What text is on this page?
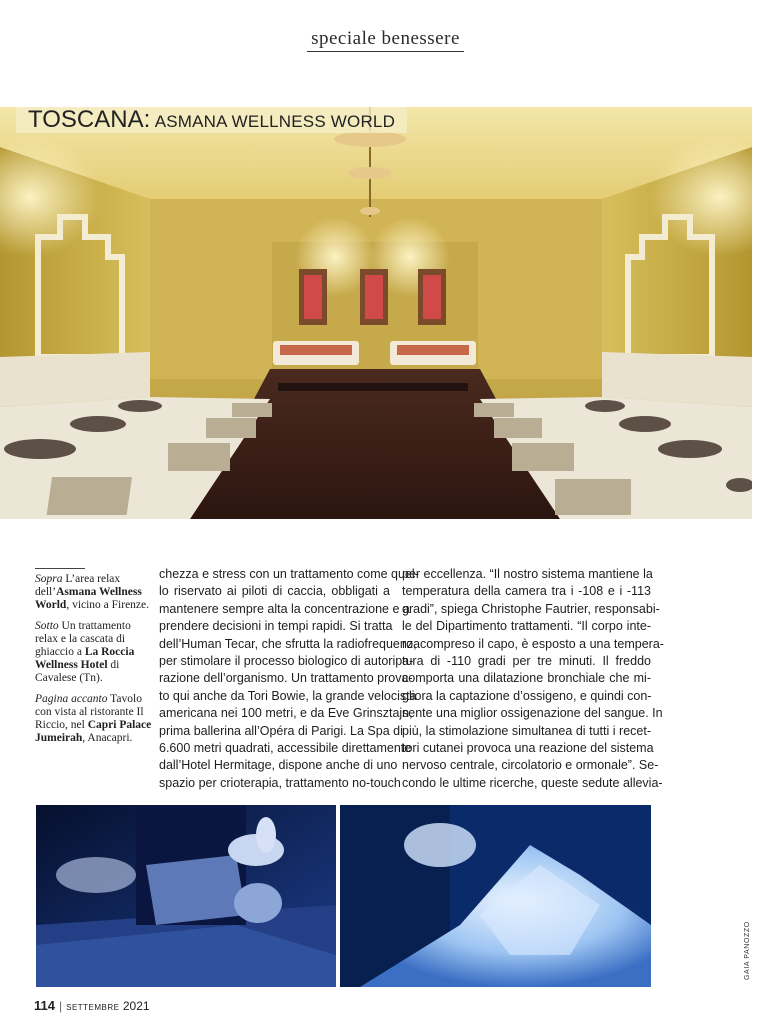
speciale benessere
TOSCANA: ASMANA WELLNESS WORLD

Sopra L’area relax dell’Asmana Wellness World, vicino a Firenze.

Sotto Un trattamento relax e la cascata di ghiaccio a La Roccia Wellness Hotel di Cavalese (Tn).

Pagina accanto Tavolo con vista al ristorante Il Riccio, nel Capri Palace Jumeirah, Anacapri.

chezza e stress con un trattamento come quel-
lo riservato ai piloti di caccia, obbligati a
mantenere sempre alta la concentrazione e a
prendere decisioni in tempi rapidi. Si tratta
dell’Human Tecar, che sfrutta la radiofrequenza
per stimolare il processo biologico di autoripa-
razione dell’organismo. Un trattamento prova-
to qui anche da Tori Bowie, la grande velocista
americana nei 100 metri, e da Eve Grinsztajn,
prima ballerina all’Opéra di Parigi. La Spa di
6.600 metri quadrati, accessibile direttamente
dall’Hotel Hermitage, dispone anche di uno
spazio per crioterapia, trattamento no-touch
per eccellenza. “Il nostro sistema mantiene la
temperatura della camera tra i -108 e i -113
gradi”, spiega Christophe Fautrier, responsabi-
le del Dipartimento trattamenti. “Il corpo inte-
ro, compreso il capo, è esposto a una tempera-
tura di -110 gradi per tre minuti. Il freddo
comporta una dilatazione bronchiale che mi-
gliora la captazione d’ossigeno, e quindi con-
sente una miglior ossigenazione del sangue. In
più, la stimolazione simultanea di tutti i recet-
tori cutanei provoca una reazione del sistema
nervoso centrale, circolatorio e ormonale”. Se-
condo le ultime ricerche, queste sedute allevia-
GAIA PANOZZO
114 | settembre 2021
